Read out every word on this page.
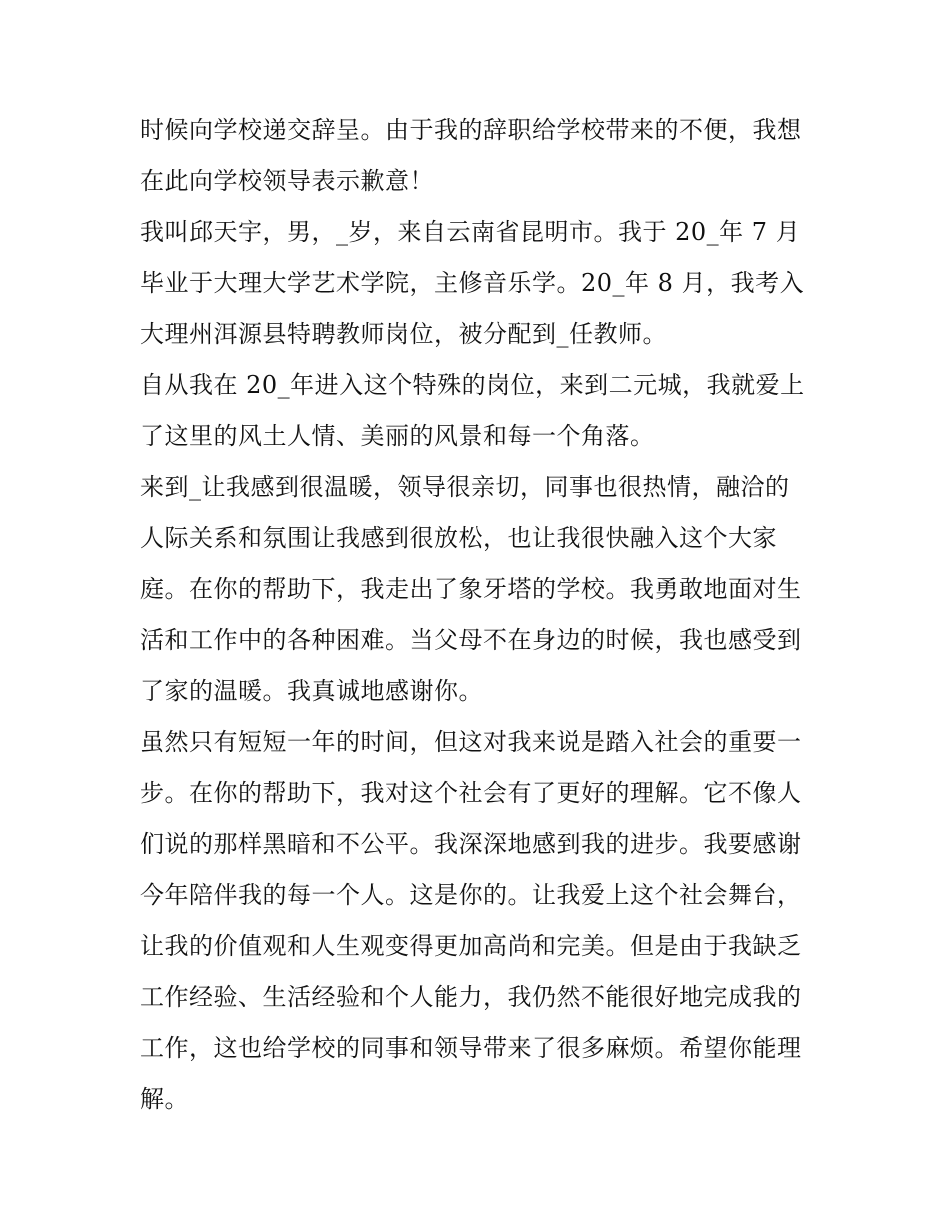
时候向学校递交辞呈。由于我的辞职给学校带来的不便，我想
在此向学校领导表示歉意！
我叫邱天宇，男，_岁，来自云南省昆明市。我于 20_年 7 月
毕业于大理大学艺术学院，主修音乐学。20_年 8 月，我考入
大理州洱源县特聘教师岗位，被分配到_任教师。
自从我在 20_年进入这个特殊的岗位，来到二元城，我就爱上
了这里的风土人情、美丽的风景和每一个角落。
来到_让我感到很温暖，领导很亲切，同事也很热情，融洽的
人际关系和氛围让我感到很放松，也让我很快融入这个大家
庭。在你的帮助下，我走出了象牙塔的学校。我勇敢地面对生
活和工作中的各种困难。当父母不在身边的时候，我也感受到
了家的温暖。我真诚地感谢你。
虽然只有短短一年的时间，但这对我来说是踏入社会的重要一
步。在你的帮助下，我对这个社会有了更好的理解。它不像人
们说的那样黑暗和不公平。我深深地感到我的进步。我要感谢
今年陪伴我的每一个人。这是你的。让我爱上这个社会舞台，
让我的价值观和人生观变得更加高尚和完美。但是由于我缺乏
工作经验、生活经验和个人能力，我仍然不能很好地完成我的
工作，这也给学校的同事和领导带来了很多麻烦。希望你能理
解。
